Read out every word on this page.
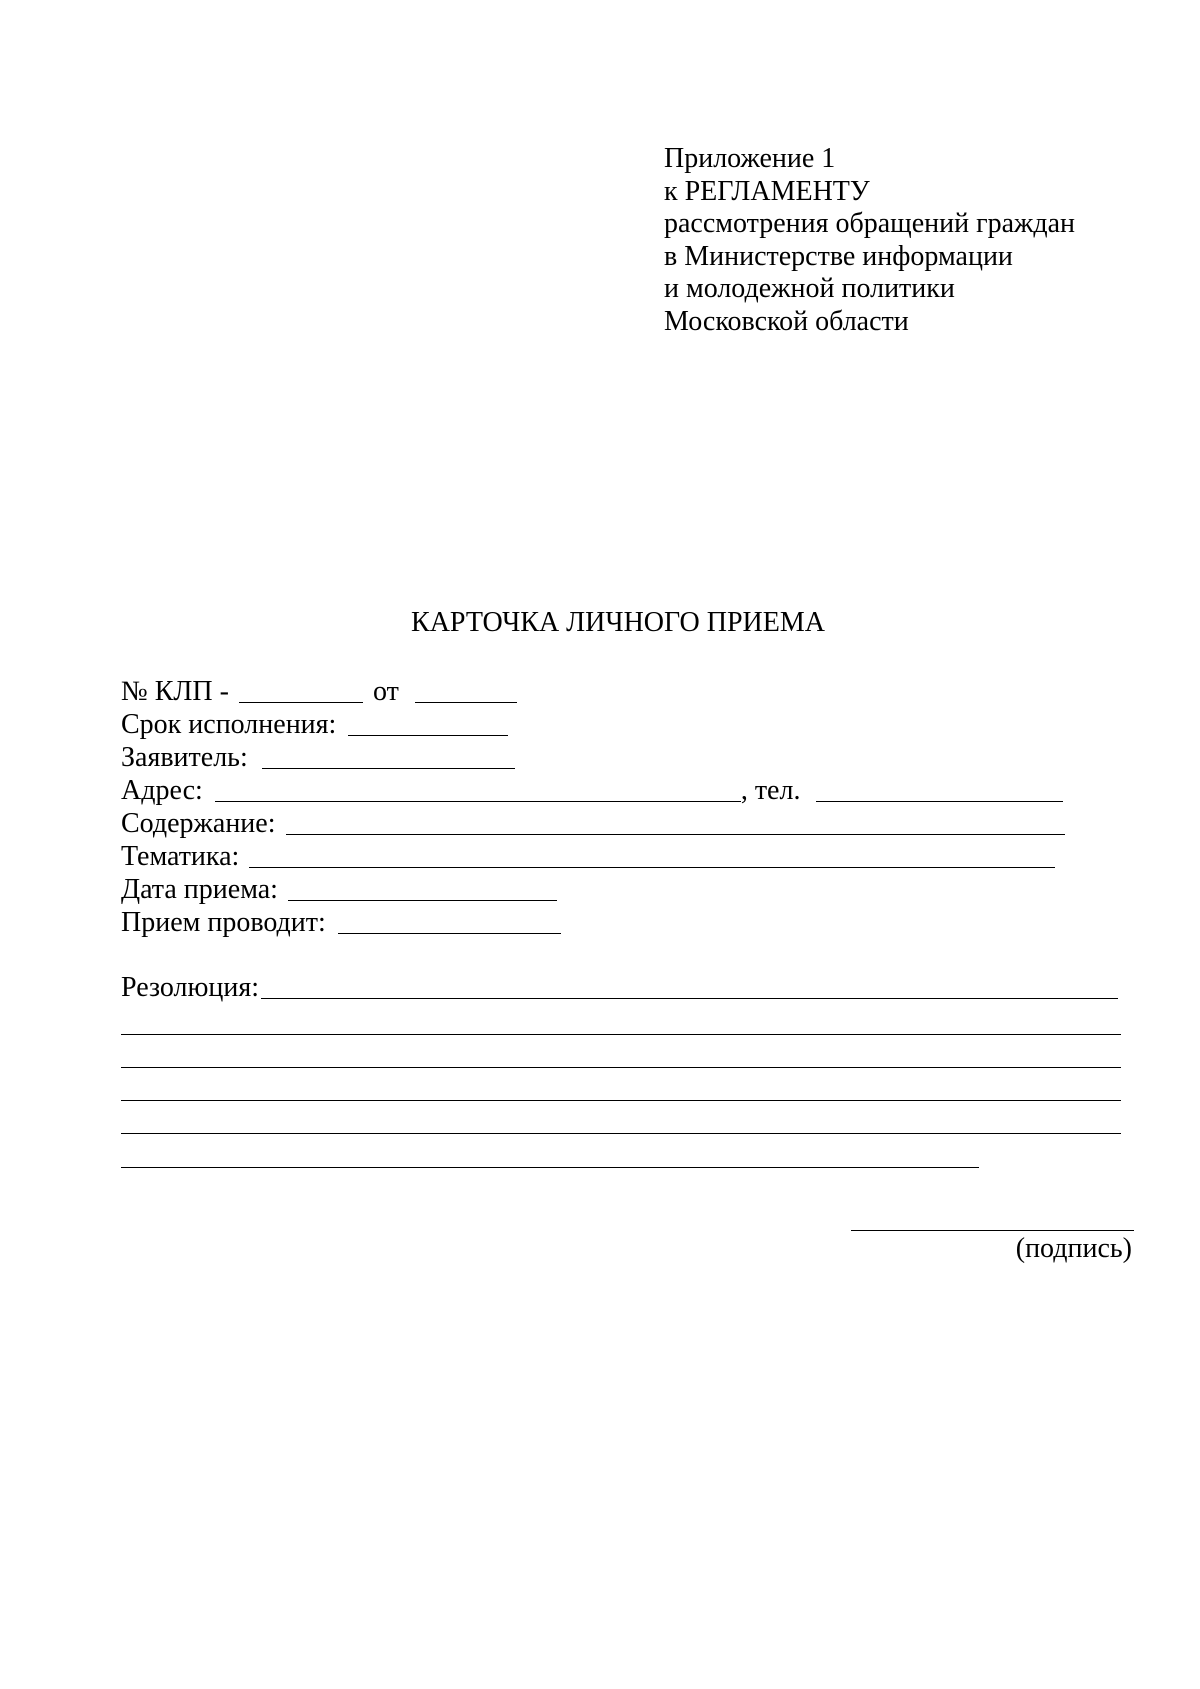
Приложение 1
к РЕГЛАМЕНТУ
рассмотрения обращений граждан
в Министерстве информации
и молодежной политики
Московской области
КАРТОЧКА ЛИЧНОГО ПРИЕМА
№ КЛП -	от
Срок исполнения:
Заявитель:
Адрес:	, тел.
Содержание:
Тематика:
Дата приема:
Прием проводит:
Резолюция:
(подпись)
